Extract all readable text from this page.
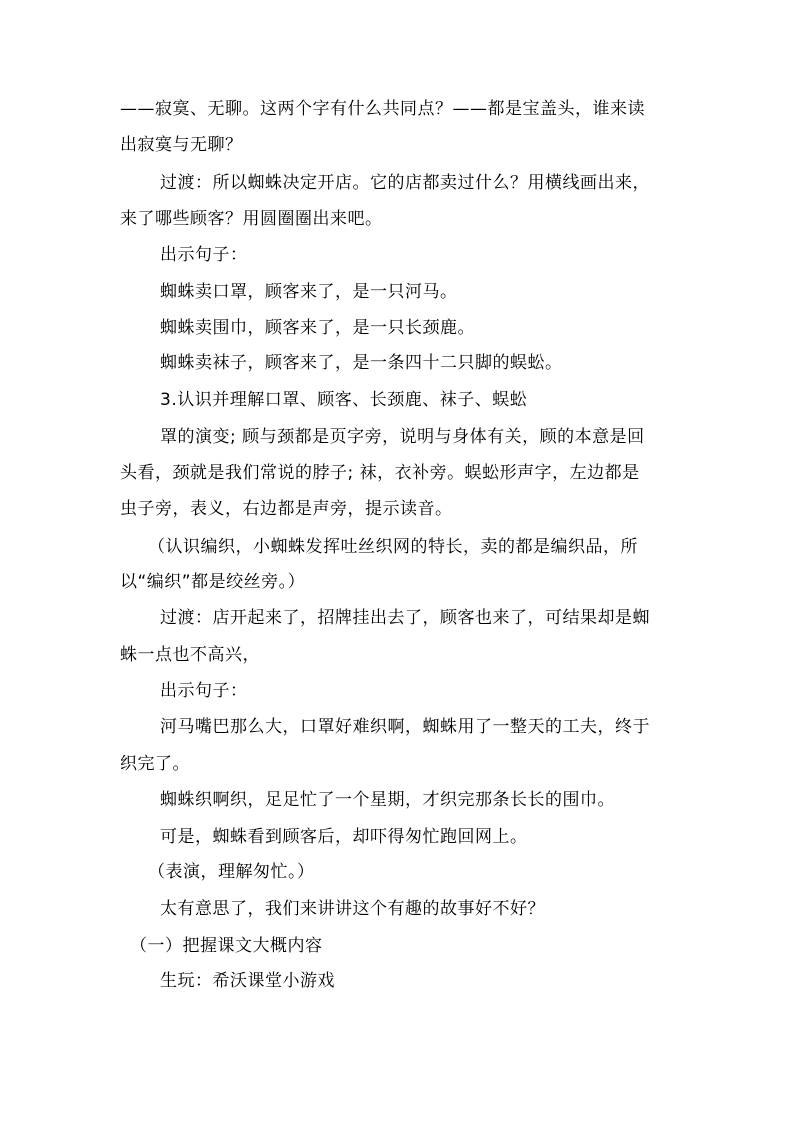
——寂寞、无聊。这两个字有什么共同点？——都是宝盖头，谁来读
出寂寞与无聊？
过渡：所以蜘蛛决定开店。它的店都卖过什么？用横线画出来，
来了哪些顾客？用圆圈圈出来吧。
出示句子：
蜘蛛卖口罩，顾客来了，是一只河马。
蜘蛛卖围巾，顾客来了，是一只长颈鹿。
蜘蛛卖袜子，顾客来了，是一条四十二只脚的蜈蚣。
3.认识并理解口罩、顾客、长颈鹿、袜子、蜈蚣
罩的演变; 顾与颈都是页字旁，说明与身体有关，顾的本意是回
头看，颈就是我们常说的脖子; 袜，衣补旁。蜈蚣形声字，左边都是
虫子旁，表义，右边都是声旁，提示读音。
（认识编织，小蜘蛛发挥吐丝织网的特长，卖的都是编织品，所
以“编织”都是绞丝旁。）
过渡：店开起来了，招牌挂出去了，顾客也来了，可结果却是蜘
蛛一点也不高兴，
出示句子：
河马嘴巴那么大，口罩好难织啊，蜘蛛用了一整天的工夫，终于
织完了。
蜘蛛织啊织，足足忙了一个星期，才织完那条长长的围巾。
可是，蜘蛛看到顾客后，却吓得匆忙跑回网上。
（表演，理解匆忙。）
太有意思了，我们来讲讲这个有趣的故事好不好？
（一）把握课文大概内容
生玩：希沃课堂小游戏
